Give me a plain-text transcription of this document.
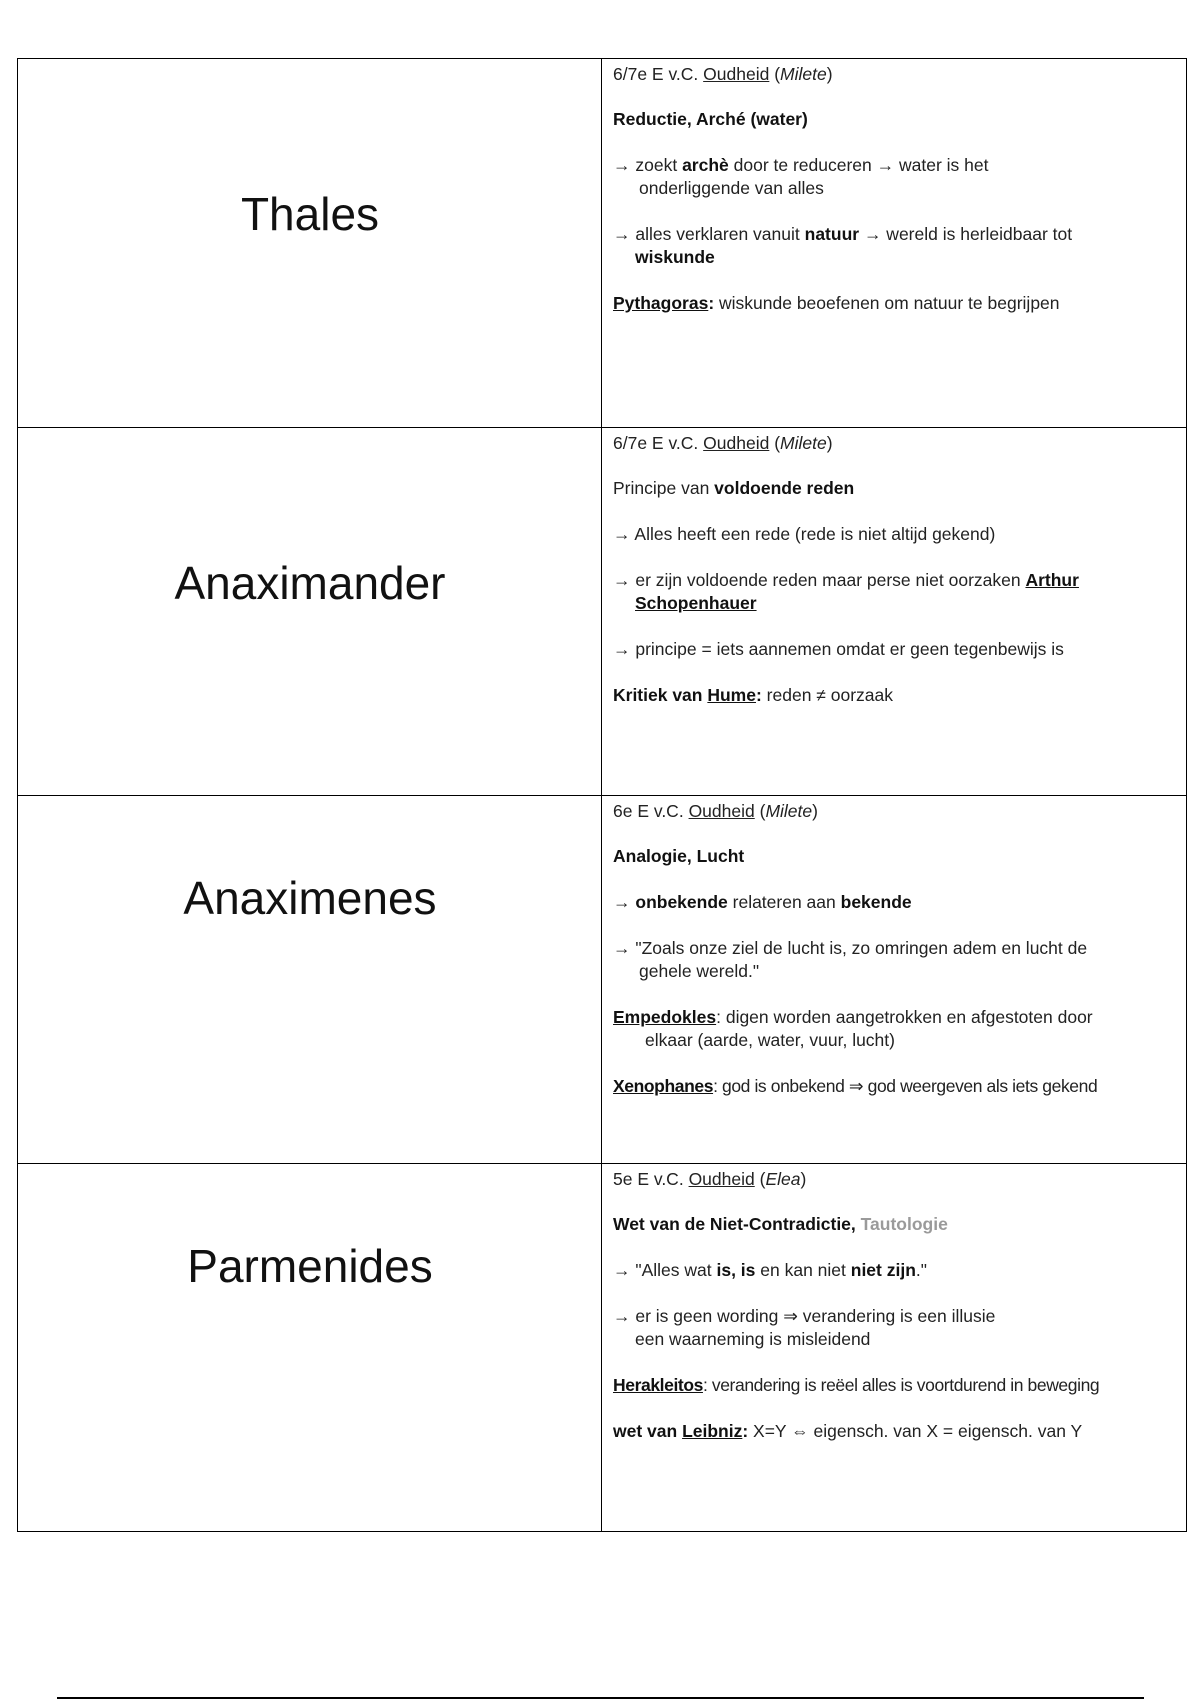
Thales
6/7e E v.C. Oudheid (Milete)
Reductie, Arché (water)
→ zoekt archè door te reduceren → water is het
onderliggende van alles
→ alles verklaren vanuit natuur → wereld is herleidbaar tot
wiskunde
Pythagoras: wiskunde beoefenen om natuur te begrijpen
Anaximander
6/7e E v.C. Oudheid (Milete)
Principe van voldoende reden
→ Alles heeft een rede (rede is niet altijd gekend)
→ er zijn voldoende reden maar perse niet oorzaken Arthur
Schopenhauer
→ principe = iets aannemen omdat er geen tegenbewijs is
Kritiek van Hume: reden ≠ oorzaak
Anaximenes
6e E v.C. Oudheid (Milete)
Analogie, Lucht
→ onbekende relateren aan bekende
→ "Zoals onze ziel de lucht is, zo omringen adem en lucht de
gehele wereld."
Empedokles: digen worden aangetrokken en afgestoten door
elkaar (aarde, water, vuur, lucht)
Xenophanes: god is onbekend ⇒ god weergeven als iets gekend
Parmenides
5e E v.C. Oudheid (Elea)
Wet van de Niet-Contradictie, Tautologie
→ "Alles wat is, is en kan niet niet zijn."
→ er is geen wording ⇒ verandering is een illusie
een waarneming is misleidend
Herakleitos: verandering is reëel alles is voortdurend in beweging
wet van Leibniz: X=Y ⇔ eigensch. van X = eigensch. van Y
